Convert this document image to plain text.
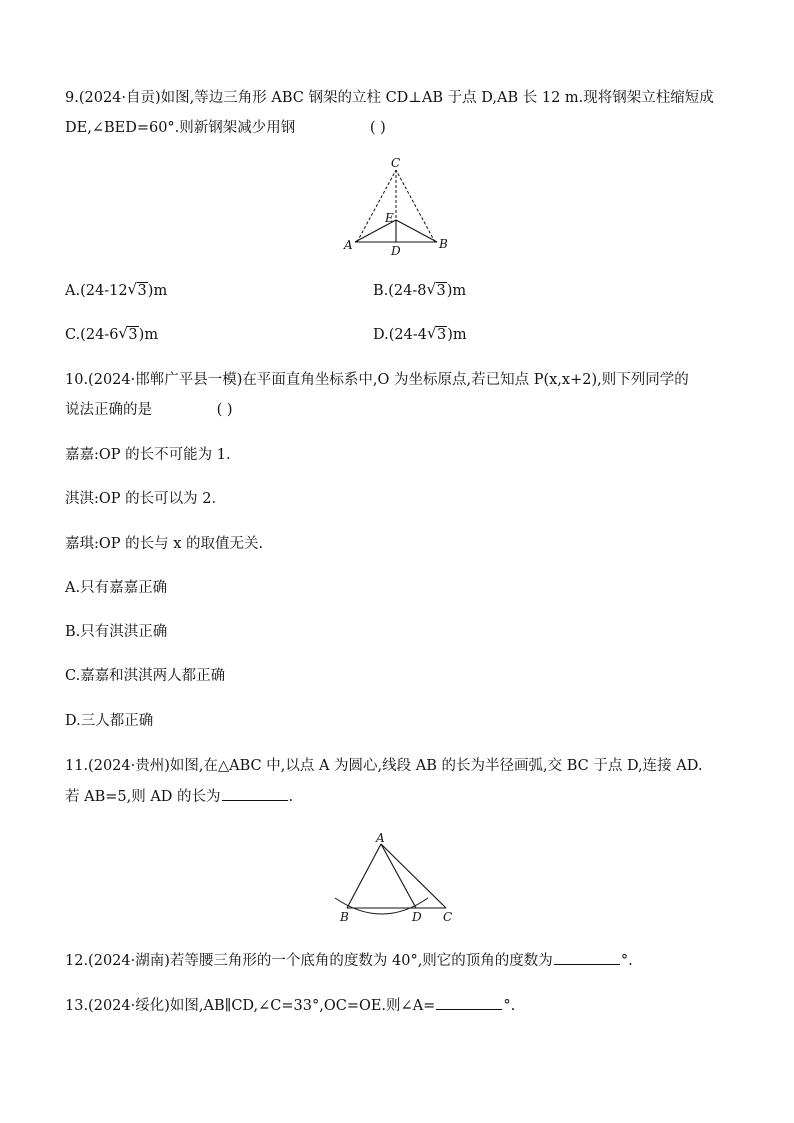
9.(2024·自贡)如图,等边三角形 ABC 钢架的立柱 CD⊥AB 于点 D,AB 长 12 m.现将钢架立柱缩短成
DE,∠BED=60°.则新钢架减少用钢	( )
C
E
A	D	B
A.(24-12 √ 3)m	B.(24-8 √ 3)m
C.(24-6 √ 3)m	D.(24-4 √ 3)m
10.(2024·邯郸广平县一模)在平面直角坐标系中,O 为坐标原点,若已知点 P(x,x+2),则下列同学的
说法正确的是	( )
嘉嘉:OP 的长不可能为 1.
淇淇:OP 的长可以为 2.
嘉琪:OP 的长与 x 的取值无关.
A.只有嘉嘉正确
B.只有淇淇正确
C.嘉嘉和淇淇两人都正确
D.三人都正确
11.(2024·贵州)如图,在△ABC 中,以点 A 为圆心,线段 AB 的长为半径画弧,交 BC 于点 D,连接 AD.
若 AB=5,则 AD 的长为	.
A
B	D C
12.(2024·湖南)若等腰三角形的一个底角的度数为 40°,则它的顶角的度数为	°.
13.(2024·绥化)如图,AB∥CD,∠C=33°,OC=OE.则∠A=	°.
